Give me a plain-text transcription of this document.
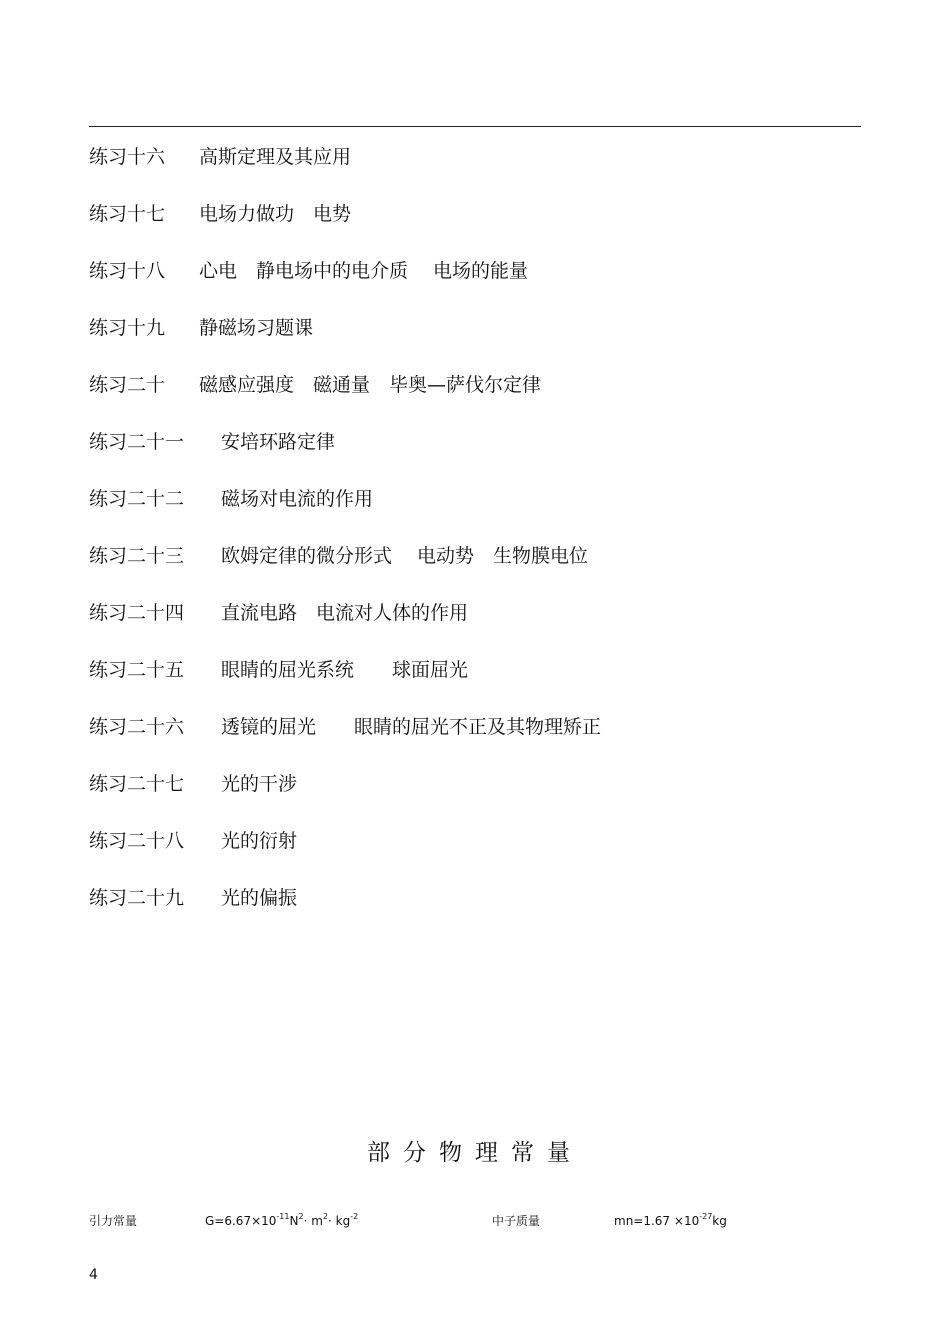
练习十六	高斯定理及其应用
练习十七	电场力做功　电势
练习十八	心电　静电场中的电介质　 电场的能量
练习十九	静磁场习题课
练习二十	磁感应强度　磁通量　毕奥—萨伐尔定律
练习二十一	安培环路定律
练习二十二	磁场对电流的作用
练习二十三	欧姆定律的微分形式　 电动势　生物膜电位
练习二十四	直流电路　电流对人体的作用
练习二十五	眼睛的屈光系统　　球面屈光
练习二十六	透镜的屈光　　眼睛的屈光不正及其物理矫正
练习二十七	光的干涉
练习二十八	光的衍射
练习二十九	光的偏振
部分物理常量
引力常量	$G=6.67\times 10^{-11}N^2\cdot m^2\cdot kg^{-2}$	中子质量	$mn=1.67 \times 10^{-27}kg$
4
